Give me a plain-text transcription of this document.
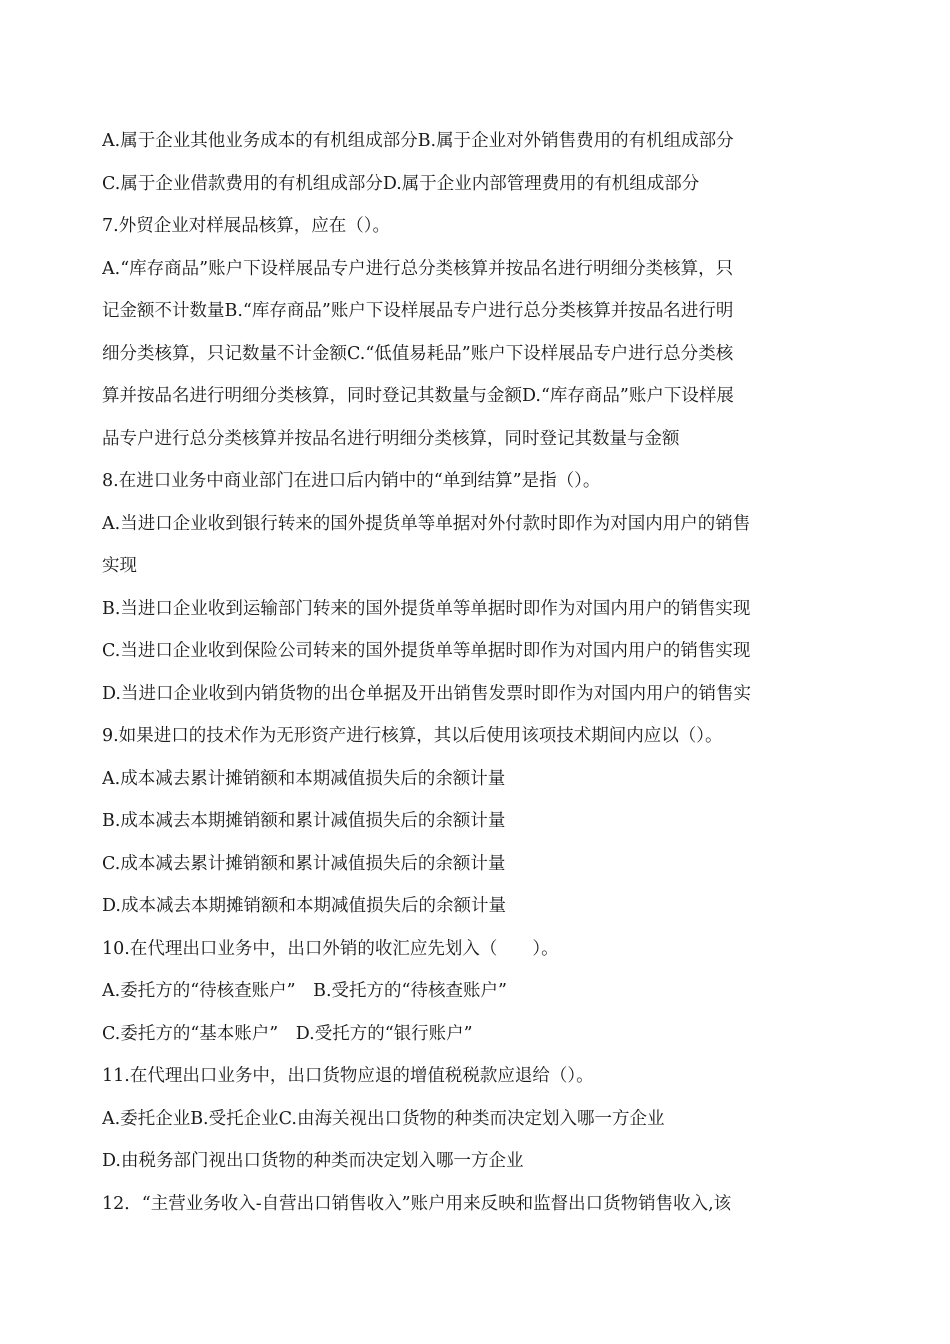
A.属于企业其他业务成本的有机组成部分B.属于企业对外销售费用的有机组成部分
C.属于企业借款费用的有机组成部分D.属于企业内部管理费用的有机组成部分
7.外贸企业对样展品核算，应在（）。
A.“库存商品”账户下设样展品专户进行总分类核算并按品名进行明细分类核算，只
记金额不计数量B.“库存商品”账户下设样展品专户进行总分类核算并按品名进行明
细分类核算，只记数量不计金额C.“低值易耗品”账户下设样展品专户进行总分类核
算并按品名进行明细分类核算，同时登记其数量与金额D.“库存商品”账户下设样展
品专户进行总分类核算并按品名进行明细分类核算，同时登记其数量与金额
8.在进口业务中商业部门在进口后内销中的“单到结算”是指（）。
A.当进口企业收到银行转来的国外提货单等单据对外付款时即作为对国内用户的销售
实现
B.当进口企业收到运输部门转来的国外提货单等单据时即作为对国内用户的销售实现
C.当进口企业收到保险公司转来的国外提货单等单据时即作为对国内用户的销售实现
D.当进口企业收到内销货物的出仓单据及开出销售发票时即作为对国内用户的销售实
9.如果进口的技术作为无形资产进行核算，其以后使用该项技术期间内应以（）。
A.成本减去累计摊销额和本期减值损失后的余额计量
B.成本减去本期摊销额和累计减值损失后的余额计量
C.成本减去累计摊销额和累计减值损失后的余额计量
D.成本减去本期摊销额和本期减值损失后的余额计量
10.在代理出口业务中，出口外销的收汇应先划入（　　）。
A.委托方的“待核查账户”　B.受托方的“待核查账户”
C.委托方的“基本账户”　D.受托方的“银行账户”
11.在代理出口业务中，出口货物应退的增值税税款应退给（）。
A.委托企业B.受托企业C.由海关视出口货物的种类而决定划入哪一方企业
D.由税务部门视出口货物的种类而决定划入哪一方企业
12．“主营业务收入-自营出口销售收入”账户用来反映和监督出口货物销售收入,该
